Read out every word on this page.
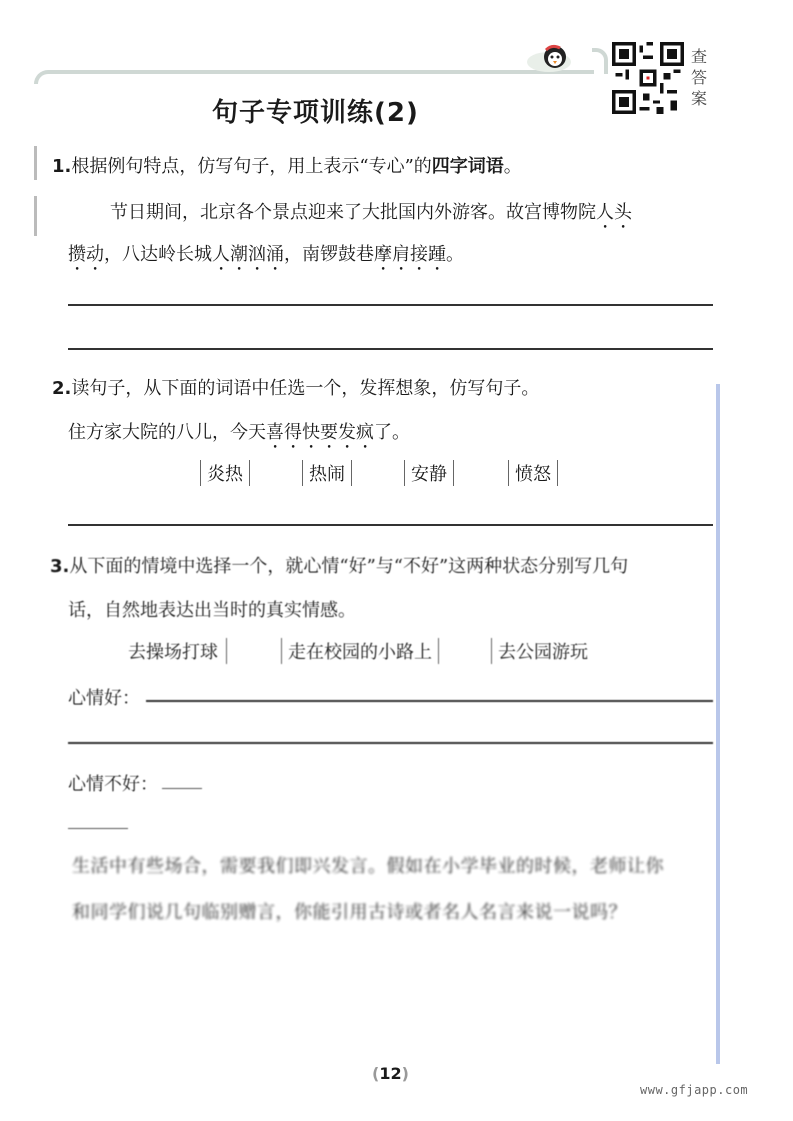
查答案
句子专项训练(2)
1.根据例句特点，仿写句子，用上表示“专心”的四字词语。
节日期间，北京各个景点迎来了大批国内外游客。故宫博物院人头
攒动，八达岭长城人潮汹涌，南锣鼓巷摩肩接踵。
2.读句子，从下面的词语中任选一个，发挥想象，仿写句子。
住方家大院的八儿，今天喜得快要发疯了。
炎热	热闹	安静	愤怒
3.从下面的情境中选择一个，就心情“好”与“不好”这两种状态分别写几句
话，自然地表达出当时的真实情感。
去操场打球	走在校园的小路上	去公园游玩
心情好：
心情不好：
生活中有些场合，需要我们即兴发言。假如在小学毕业的时候，老师让你
和同学们说几句临别赠言，你能引用古诗或者名人名言来说一说吗？
(12)
www.gfjapp.com
